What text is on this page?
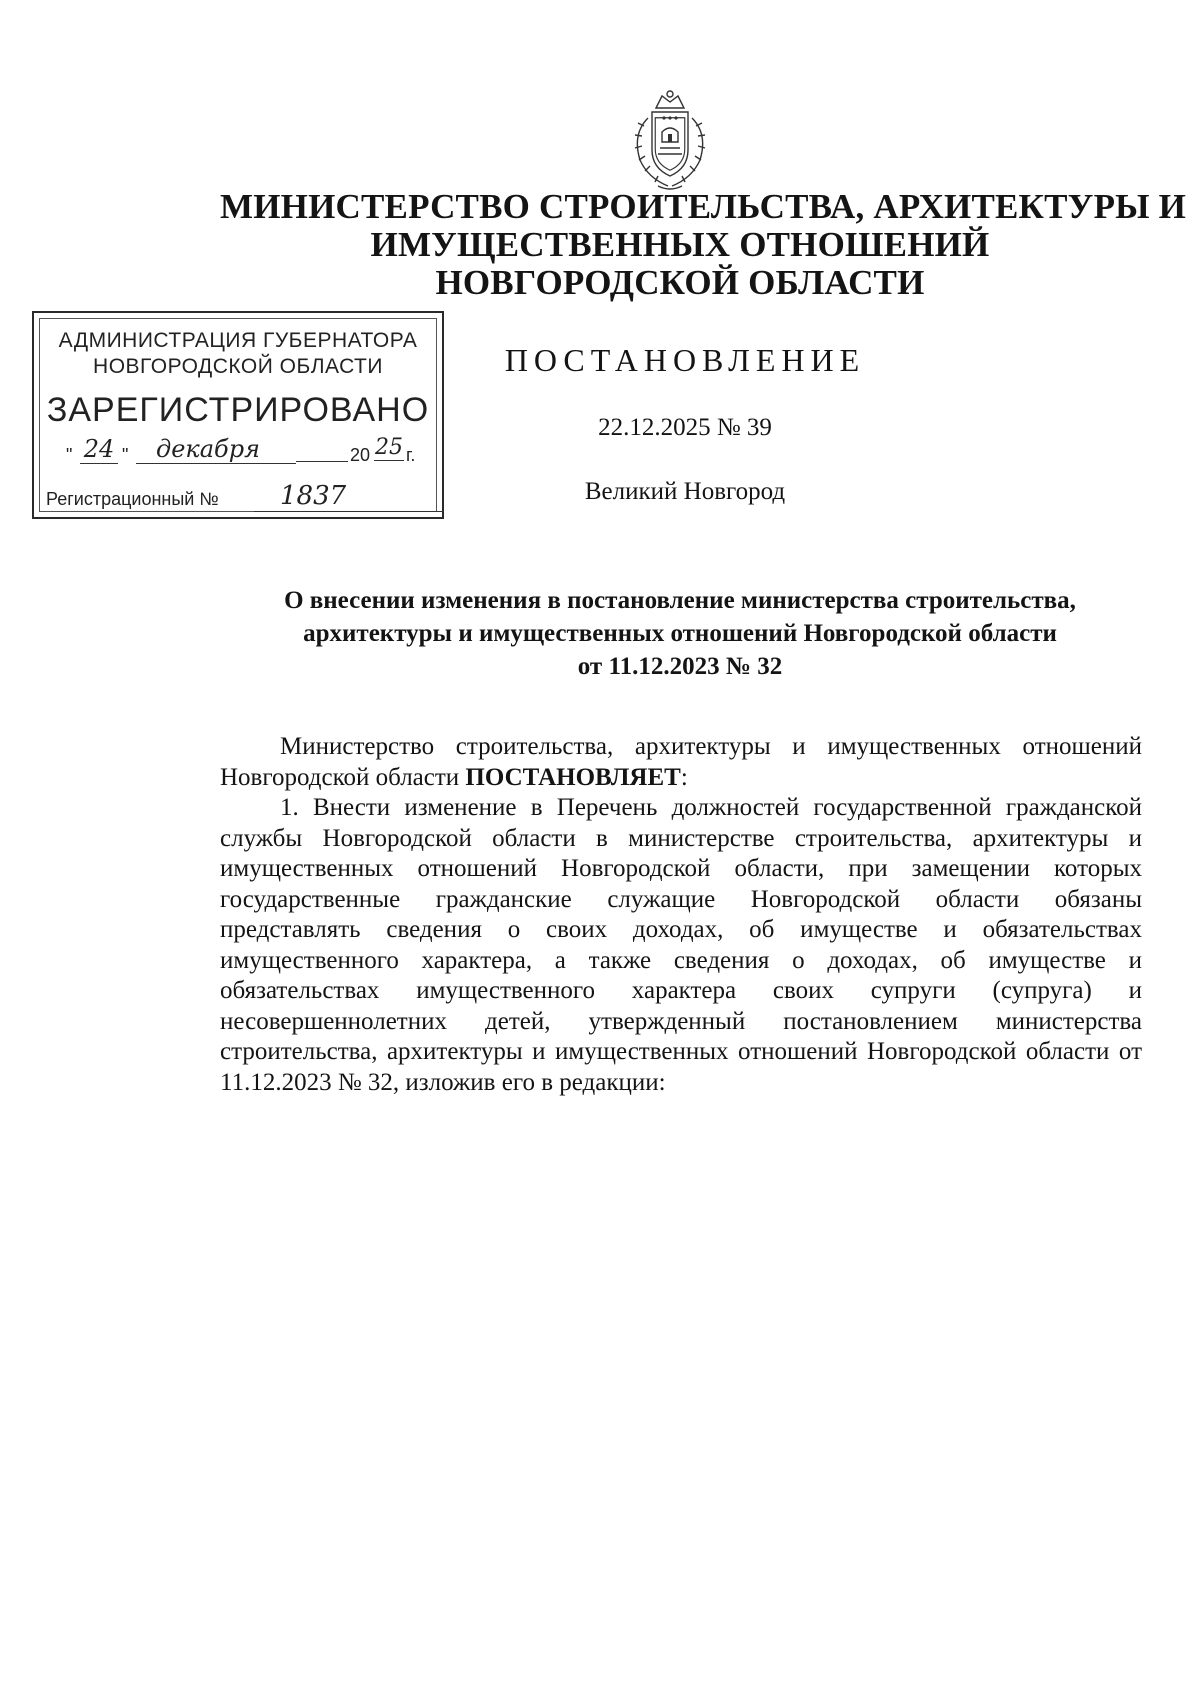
МИНИСТЕРСТВО СТРОИТЕЛЬСТВА, АРХИТЕКТУРЫ И
ИМУЩЕСТВЕННЫХ ОТНОШЕНИЙ
НОВГОРОДСКОЙ ОБЛАСТИ
АДМИНИСТРАЦИЯ ГУБЕРНАТОРА
НОВГОРОДСКОЙ ОБЛАСТИ
ЗАРЕГИСТРИРОВАНО
" 24 "	декабря	20 25 г.
Регистрационный №	1837
ПОСТАНОВЛЕНИЕ
22.12.2025 № 39
Великий Новгород
О внесении изменения в постановление министерства строительства,
архитектуры и имущественных отношений Новгородской области
от 11.12.2023 № 32

Министерство строительства, архитектуры и имущественных отношений Новгородской области ПОСТАНОВЛЯЕТ:

1. Внести изменение в Перечень должностей государственной гражданской службы Новгородской области в министерстве строительства, архитектуры и имущественных отношений Новгородской области, при замещении которых государственные гражданские служащие Новгородской области обязаны представлять сведения о своих доходах, об имуществе и обязательствах имущественного характера, а также сведения о доходах, об имуществе и обязательствах имущественного характера своих супруги (супруга) и несовершеннолетних детей, утвержденный постановлением министерства строительства, архитектуры и имущественных отношений Новгородской области от 11.12.2023 № 32, изложив его в редакции:
